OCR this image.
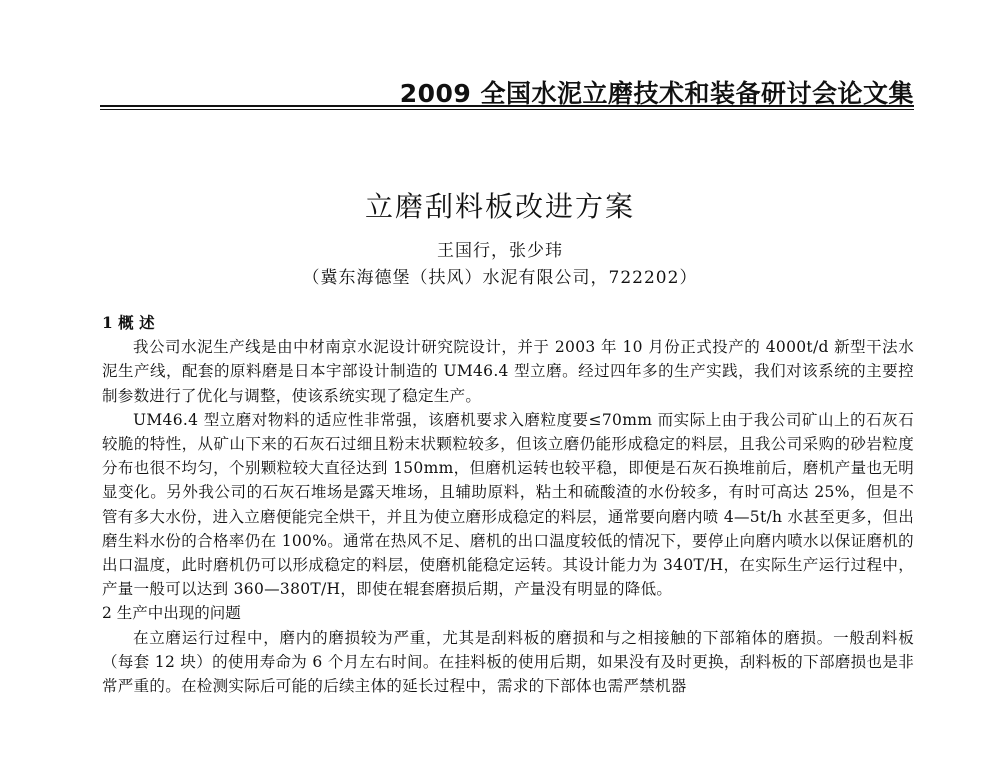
2009 全国水泥立磨技术和装备研讨会论文集
立磨刮料板改进方案
王国行，张少玮
（冀东海德堡（扶风）水泥有限公司，722202）

1 概 述

我公司水泥生产线是由中材南京水泥设计研究院设计，并于 2003 年 10 月份正式投产的 4000t/d 新型干法水泥生产线，配套的原料磨是日本宇部设计制造的 UM46.4 型立磨。经过四年多的生产实践，我们对该系统的主要控制参数进行了优化与调整，使该系统实现了稳定生产。

UM46.4 型立磨对物料的适应性非常强，该磨机要求入磨粒度要≤70mm 而实际上由于我公司矿山上的石灰石较脆的特性，从矿山下来的石灰石过细且粉末状颗粒较多，但该立磨仍能形成稳定的料层，且我公司采购的砂岩粒度分布也很不均匀，个别颗粒较大直径达到 150mm，但磨机运转也较平稳，即便是石灰石换堆前后，磨机产量也无明显变化。另外我公司的石灰石堆场是露天堆场，且辅助原料，粘土和硫酸渣的水份较多，有时可高达 25%，但是不管有多大水份，进入立磨便能完全烘干，并且为使立磨形成稳定的料层，通常要向磨内喷 4—5t/h 水甚至更多，但出磨生料水份的合格率仍在 100%。通常在热风不足、磨机的出口温度较低的情况下，要停止向磨内喷水以保证磨机的出口温度，此时磨机仍可以形成稳定的料层，使磨机能稳定运转。其设计能力为 340T/H，在实际生产运行过程中，产量一般可以达到 360—380T/H，即使在辊套磨损后期，产量没有明显的降低。

2 生产中出现的问题

在立磨运行过程中，磨内的磨损较为严重，尤其是刮料板的磨损和与之相接触的下部箱体的磨损。一般刮料板（每套 12 块）的使用寿命为 6 个月左右时间。在挂料板的使用后期，如果没有及时更换，刮料板的下部磨损也是非常严重的。在检测实际后可能的后续主体的延长过程中，需求的下部体也需严禁机器
